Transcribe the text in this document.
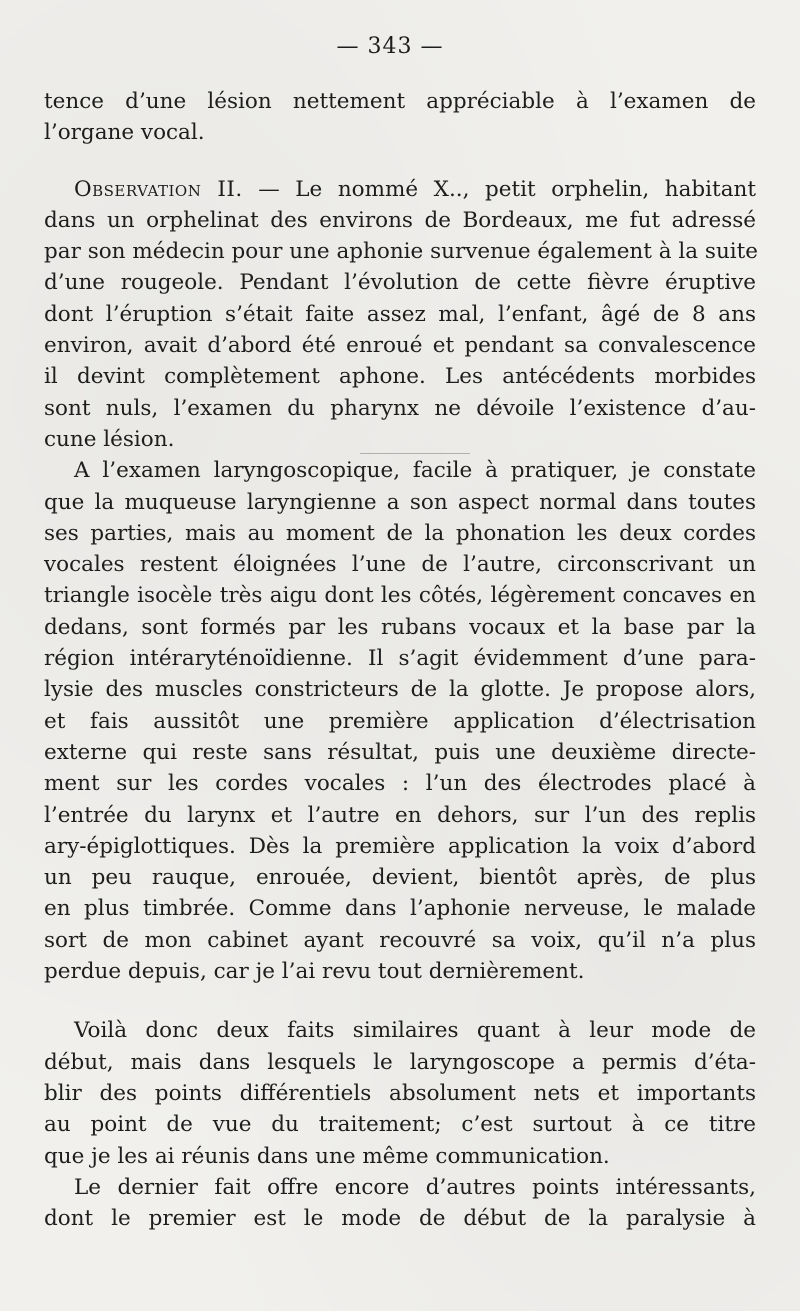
— 343 —
tence d’une lésion nettement appréciable à l’examen de
l’organe vocal.
Observation II. — Le nommé X.., petit orphelin, habitant
dans un orphelinat des environs de Bordeaux, me fut adressé
par son médecin pour une aphonie survenue également à la suite
d’une rougeole. Pendant l’évolution de cette fièvre éruptive
dont l’éruption s’était faite assez mal, l’enfant, âgé de 8 ans
environ, avait d’abord été enroué et pendant sa convalescence
il devint complètement aphone. Les antécédents morbides
sont nuls, l’examen du pharynx ne dévoile l’existence d’au-
cune lésion.
A l’examen laryngoscopique, facile à pratiquer, je constate
que la muqueuse laryngienne a son aspect normal dans toutes
ses parties, mais au moment de la phonation les deux cordes
vocales restent éloignées l’une de l’autre, circonscrivant un
triangle isocèle très aigu dont les côtés, légèrement concaves en
dedans, sont formés par les rubans vocaux et la base par la
région intéraryténoïdienne. Il s’agit évidemment d’une para-
lysie des muscles constricteurs de la glotte. Je propose alors,
et fais aussitôt une première application d’électrisation
externe qui reste sans résultat, puis une deuxième directe-
ment sur les cordes vocales : l’un des électrodes placé à
l’entrée du larynx et l’autre en dehors, sur l’un des replis
ary-épiglottiques. Dès la première application la voix d’abord
un peu rauque, enrouée, devient, bientôt après, de plus
en plus timbrée. Comme dans l’aphonie nerveuse, le malade
sort de mon cabinet ayant recouvré sa voix, qu’il n’a plus
perdue depuis, car je l’ai revu tout dernièrement.
Voilà donc deux faits similaires quant à leur mode de
début, mais dans lesquels le laryngoscope a permis d’éta-
blir des points différentiels absolument nets et importants
au point de vue du traitement; c’est surtout à ce titre
que je les ai réunis dans une même communication.
Le dernier fait offre encore d’autres points intéressants,
dont le premier est le mode de début de la paralysie à
